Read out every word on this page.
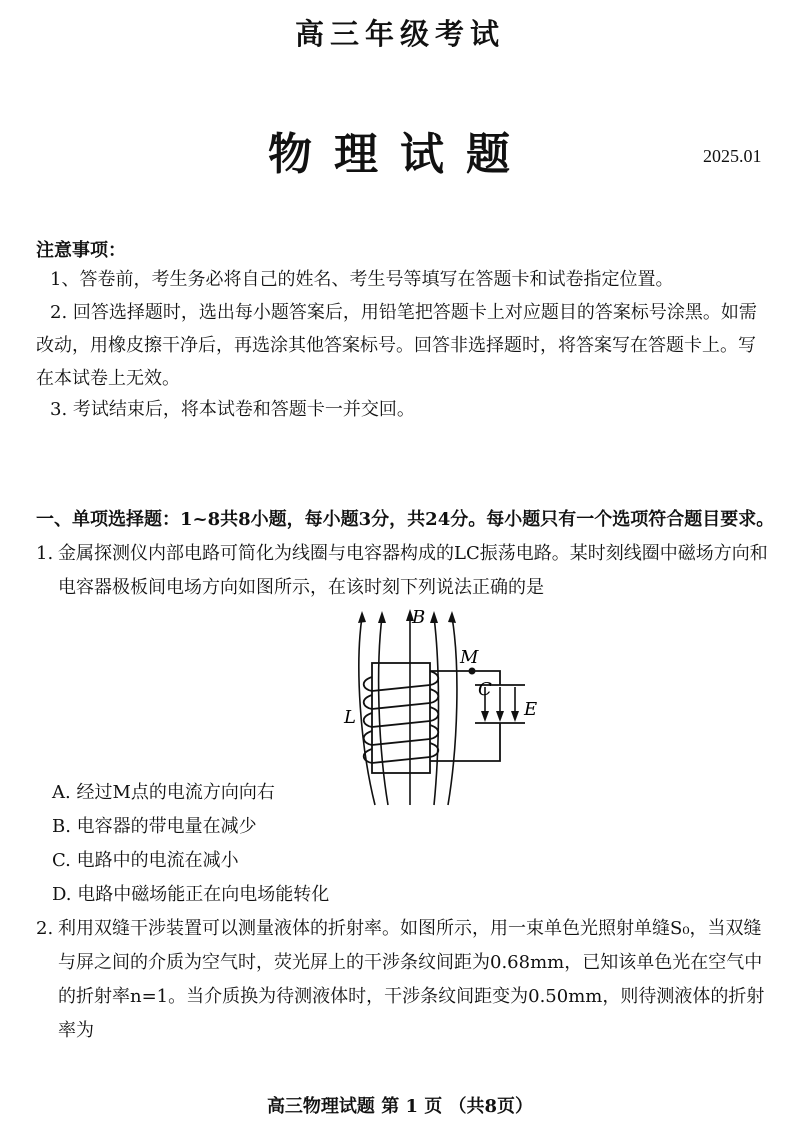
高三年级考试
物理试题	2025.01
注意事项：
1、答卷前，考生务必将自己的姓名、考生号等填写在答题卡和试卷指定位置。
2. 回答选择题时，选出每小题答案后，用铅笔把答题卡上对应题目的答案标号涂黑。如需改动，用橡皮擦干净后，再选涂其他答案标号。回答非选择题时，将答案写在答题卡上。写在本试卷上无效。
3. 考试结束后，将本试卷和答题卡一并交回。
一、单项选择题：1~8共8小题，每小题3分，共24分。每小题只有一个选项符合题目要求。
1. 金属探测仪内部电路可简化为线圈与电容器构成的LC振荡电路。某时刻线圈中磁场方向和电容器极板间电场方向如图所示，在该时刻下列说法正确的是
B
M
C
L	E
A. 经过M点的电流方向向右
B. 电容器的带电量在减少
C. 电路中的电流在减小
D. 电路中磁场能正在向电场能转化
2. 利用双缝干涉装置可以测量液体的折射率。如图所示，用一束单色光照射单缝S₀，当双缝与屏之间的介质为空气时，荧光屏上的干涉条纹间距为0.68mm，已知该单色光在空气中的折射率n=1。当介质换为待测液体时，干涉条纹间距变为0.50mm，则待测液体的折射率为
高三物理试题 第 1 页 （共8页）
